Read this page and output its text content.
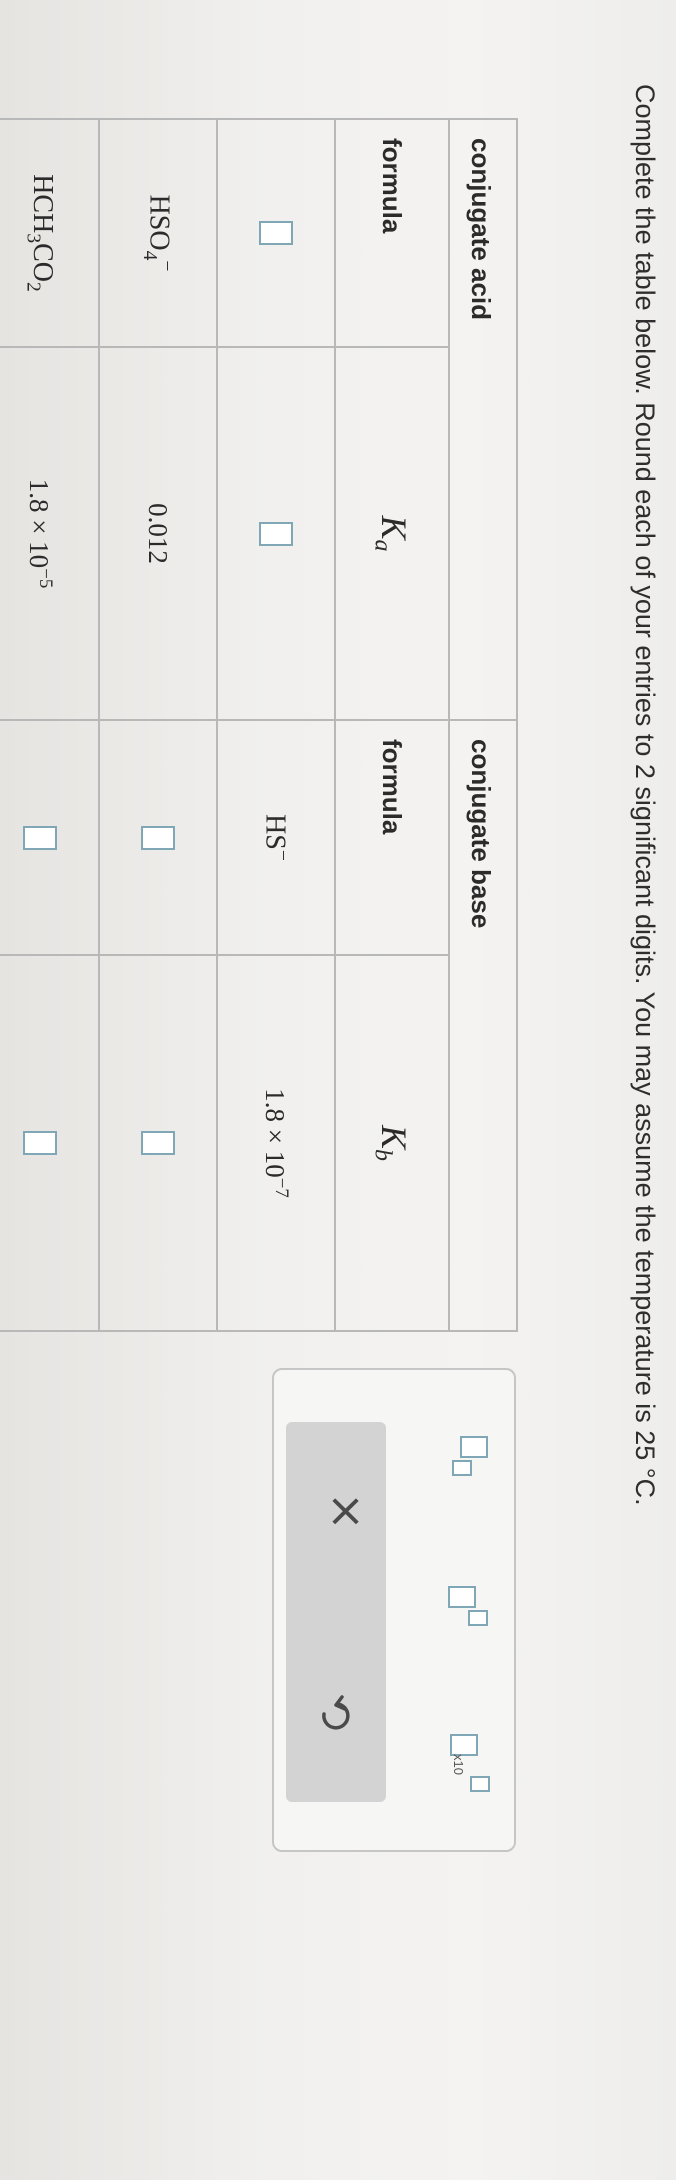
Complete the table below. Round each of your entries to 2 significant digits. You may assume the temperature is 25 °C.
conjugate acid		conjugate base	
formula	$K_a$	formula	$K_b$
		HS−	$1.8 \times 10^{-7}$
$HSO_4^-$	0.012		
$HCH_3CO_2$	$1.8 \times 10^{-5}$		
x10
×
